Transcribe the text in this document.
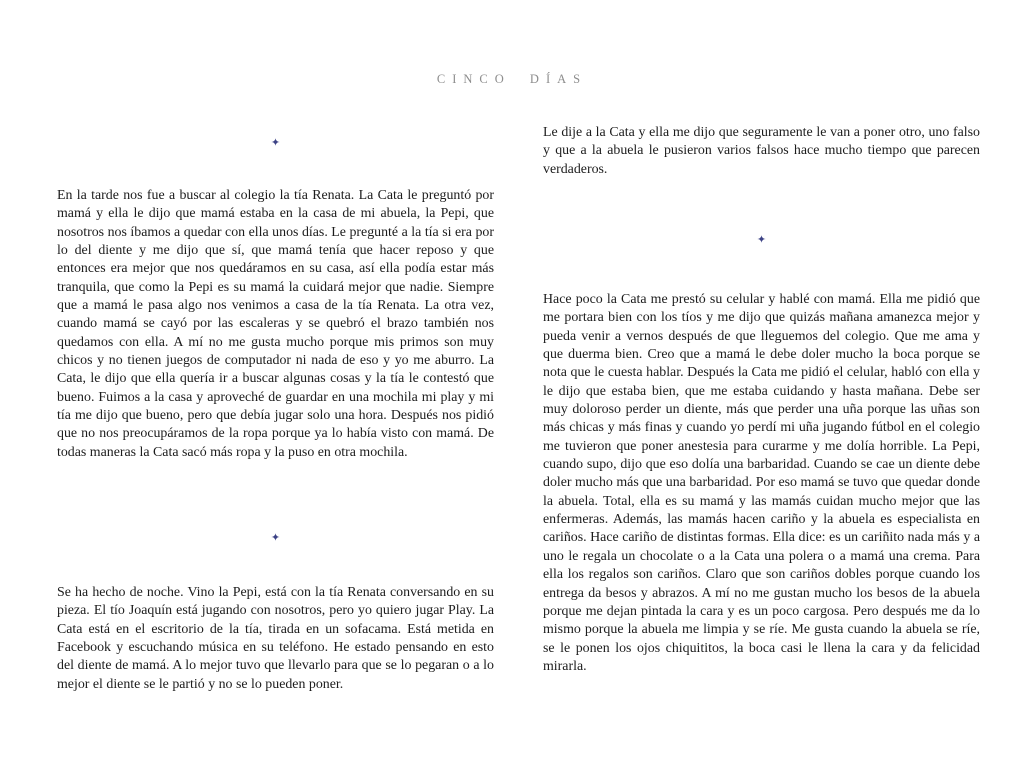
CINCO DÍAS
✦

En la tarde nos fue a buscar al colegio la tía Renata. La Cata le preguntó por mamá y ella le dijo que mamá estaba en la casa de mi abuela, la Pepi, que nosotros nos íbamos a quedar con ella unos días. Le pregunté a la tía si era por lo del diente y me dijo que sí, que mamá tenía que hacer reposo y que entonces era mejor que nos quedáramos en su casa, así ella podía estar más tranquila, que como la Pepi es su mamá la cuidará mejor que nadie. Siempre que a mamá le pasa algo nos venimos a casa de la tía Renata. La otra vez, cuando mamá se cayó por las escaleras y se quebró el brazo también nos quedamos con ella. A mí no me gusta mucho porque mis primos son muy chicos y no tienen juegos de computador ni nada de eso y yo me aburro. La Cata, le dijo que ella quería ir a buscar algunas cosas y la tía le contestó que bueno. Fuimos a la casa y aproveché de guardar en una mochila mi play y mi tía me dijo que bueno, pero que debía jugar solo una hora. Después nos pidió que no nos preocupáramos de la ropa porque ya lo había visto con mamá. De todas maneras la Cata sacó más ropa y la puso en otra mochila.

✦

Se ha hecho de noche. Vino la Pepi, está con la tía Renata conversando en su pieza. El tío Joaquín está jugando con nosotros, pero yo quiero jugar Play. La Cata está en el escritorio de la tía, tirada en un sofacama. Está metida en Facebook y escuchando música en su teléfono. He estado pensando en esto del diente de mamá. A lo mejor tuvo que llevarlo para que se lo pegaran o a lo mejor el diente se le partió y no se lo pueden poner.

Le dije a la Cata y ella me dijo que seguramente le van a poner otro, uno falso y que a la abuela le pusieron varios falsos hace mucho tiempo que parecen verdaderos.

✦

Hace poco la Cata me prestó su celular y hablé con mamá. Ella me pidió que me portara bien con los tíos y me dijo que quizás mañana amanezca mejor y pueda venir a vernos después de que lleguemos del colegio. Que me ama y que duerma bien. Creo que a mamá le debe doler mucho la boca porque se nota que le cuesta hablar. Después la Cata me pidió el celular, habló con ella y le dijo que estaba bien, que me estaba cuidando y hasta mañana. Debe ser muy doloroso perder un diente, más que perder una uña porque las uñas son más chicas y más finas y cuando yo perdí mi uña jugando fútbol en el colegio me tuvieron que poner anestesia para curarme y me dolía horrible. La Pepi, cuando supo, dijo que eso dolía una barbaridad. Cuando se cae un diente debe doler mucho más que una barbaridad. Por eso mamá se tuvo que quedar donde la abuela. Total, ella es su mamá y las mamás cuidan mucho mejor que las enfermeras. Además, las mamás hacen cariño y la abuela es especialista en cariños. Hace cariño de distintas formas. Ella dice: es un cariñito nada más y a uno le regala un chocolate o a la Cata una polera o a mamá una crema. Para ella los regalos son cariños. Claro que son cariños dobles porque cuando los entrega da besos y abrazos. A mí no me gustan mucho los besos de la abuela porque me dejan pintada la cara y es un poco cargosa. Pero después me da lo mismo porque la abuela me limpia y se ríe. Me gusta cuando la abuela se ríe, se le ponen los ojos chiquititos, la boca casi le llena la cara y da felicidad mirarla.
